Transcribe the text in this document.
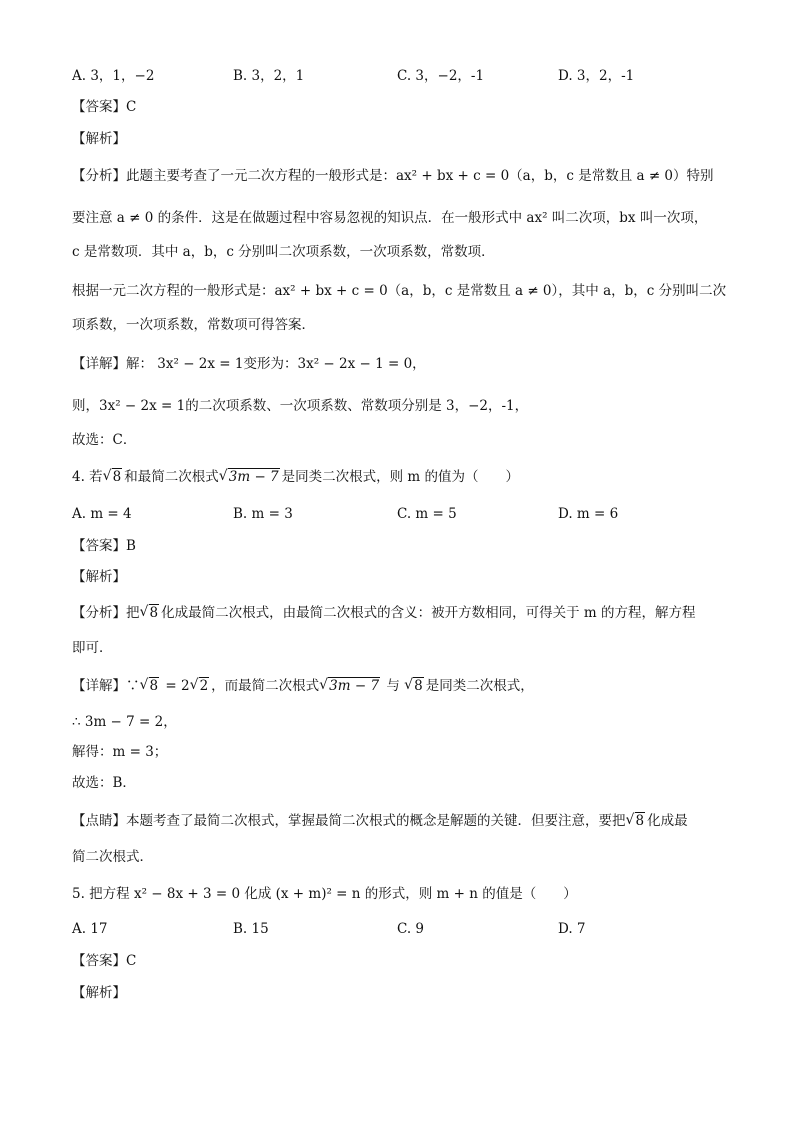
A. 3，1，−2	B. 3，2，1	C. 3，−2，-1	D. 3，2，-1
【答案】C
【解析】
【分析】此题主要考查了一元二次方程的一般形式是：ax² + bx + c = 0（a，b，c 是常数且 a ≠ 0）特别
要注意 a ≠ 0 的条件．这是在做题过程中容易忽视的知识点．在一般形式中 ax² 叫二次项，bx 叫一次项，
c 是常数项．其中 a，b，c 分别叫二次项系数，一次项系数，常数项．
根据一元二次方程的一般形式是：ax² + bx + c = 0（a，b，c 是常数且 a ≠ 0），其中 a，b，c 分别叫二次
项系数，一次项系数，常数项可得答案．
【详解】解： 3x² − 2x = 1变形为：3x² − 2x − 1 = 0，
则，3x² − 2x = 1的二次项系数、一次项系数、常数项分别是 3，−2，-1，
故选：C．
4. 若 √ 8 和最简二次根式 √ 3m − 7 是同类二次根式，则 m 的值为（　　）
A. m = 4	B. m = 3	C. m = 5	D. m = 6
【答案】B
【解析】
【分析】把 √ 8 化成最简二次根式，由最简二次根式的含义：被开方数相同，可得关于 m 的方程，解方程
即可．
【详解】∵ √ 8 = 2 √ 2 ，而最简二次根式 √ 3m − 7 与 √ 8 是同类二次根式，
∴ 3m − 7 = 2，
解得：m = 3；
故选：B．
【点睛】本题考查了最简二次根式，掌握最简二次根式的概念是解题的关键．但要注意，要把 √ 8 化成最
简二次根式．
5. 把方程 x² − 8x + 3 = 0 化成 (x + m)² = n 的形式，则 m + n 的值是（　　）
A. 17	B. 15	C. 9	D. 7
【答案】C
【解析】
